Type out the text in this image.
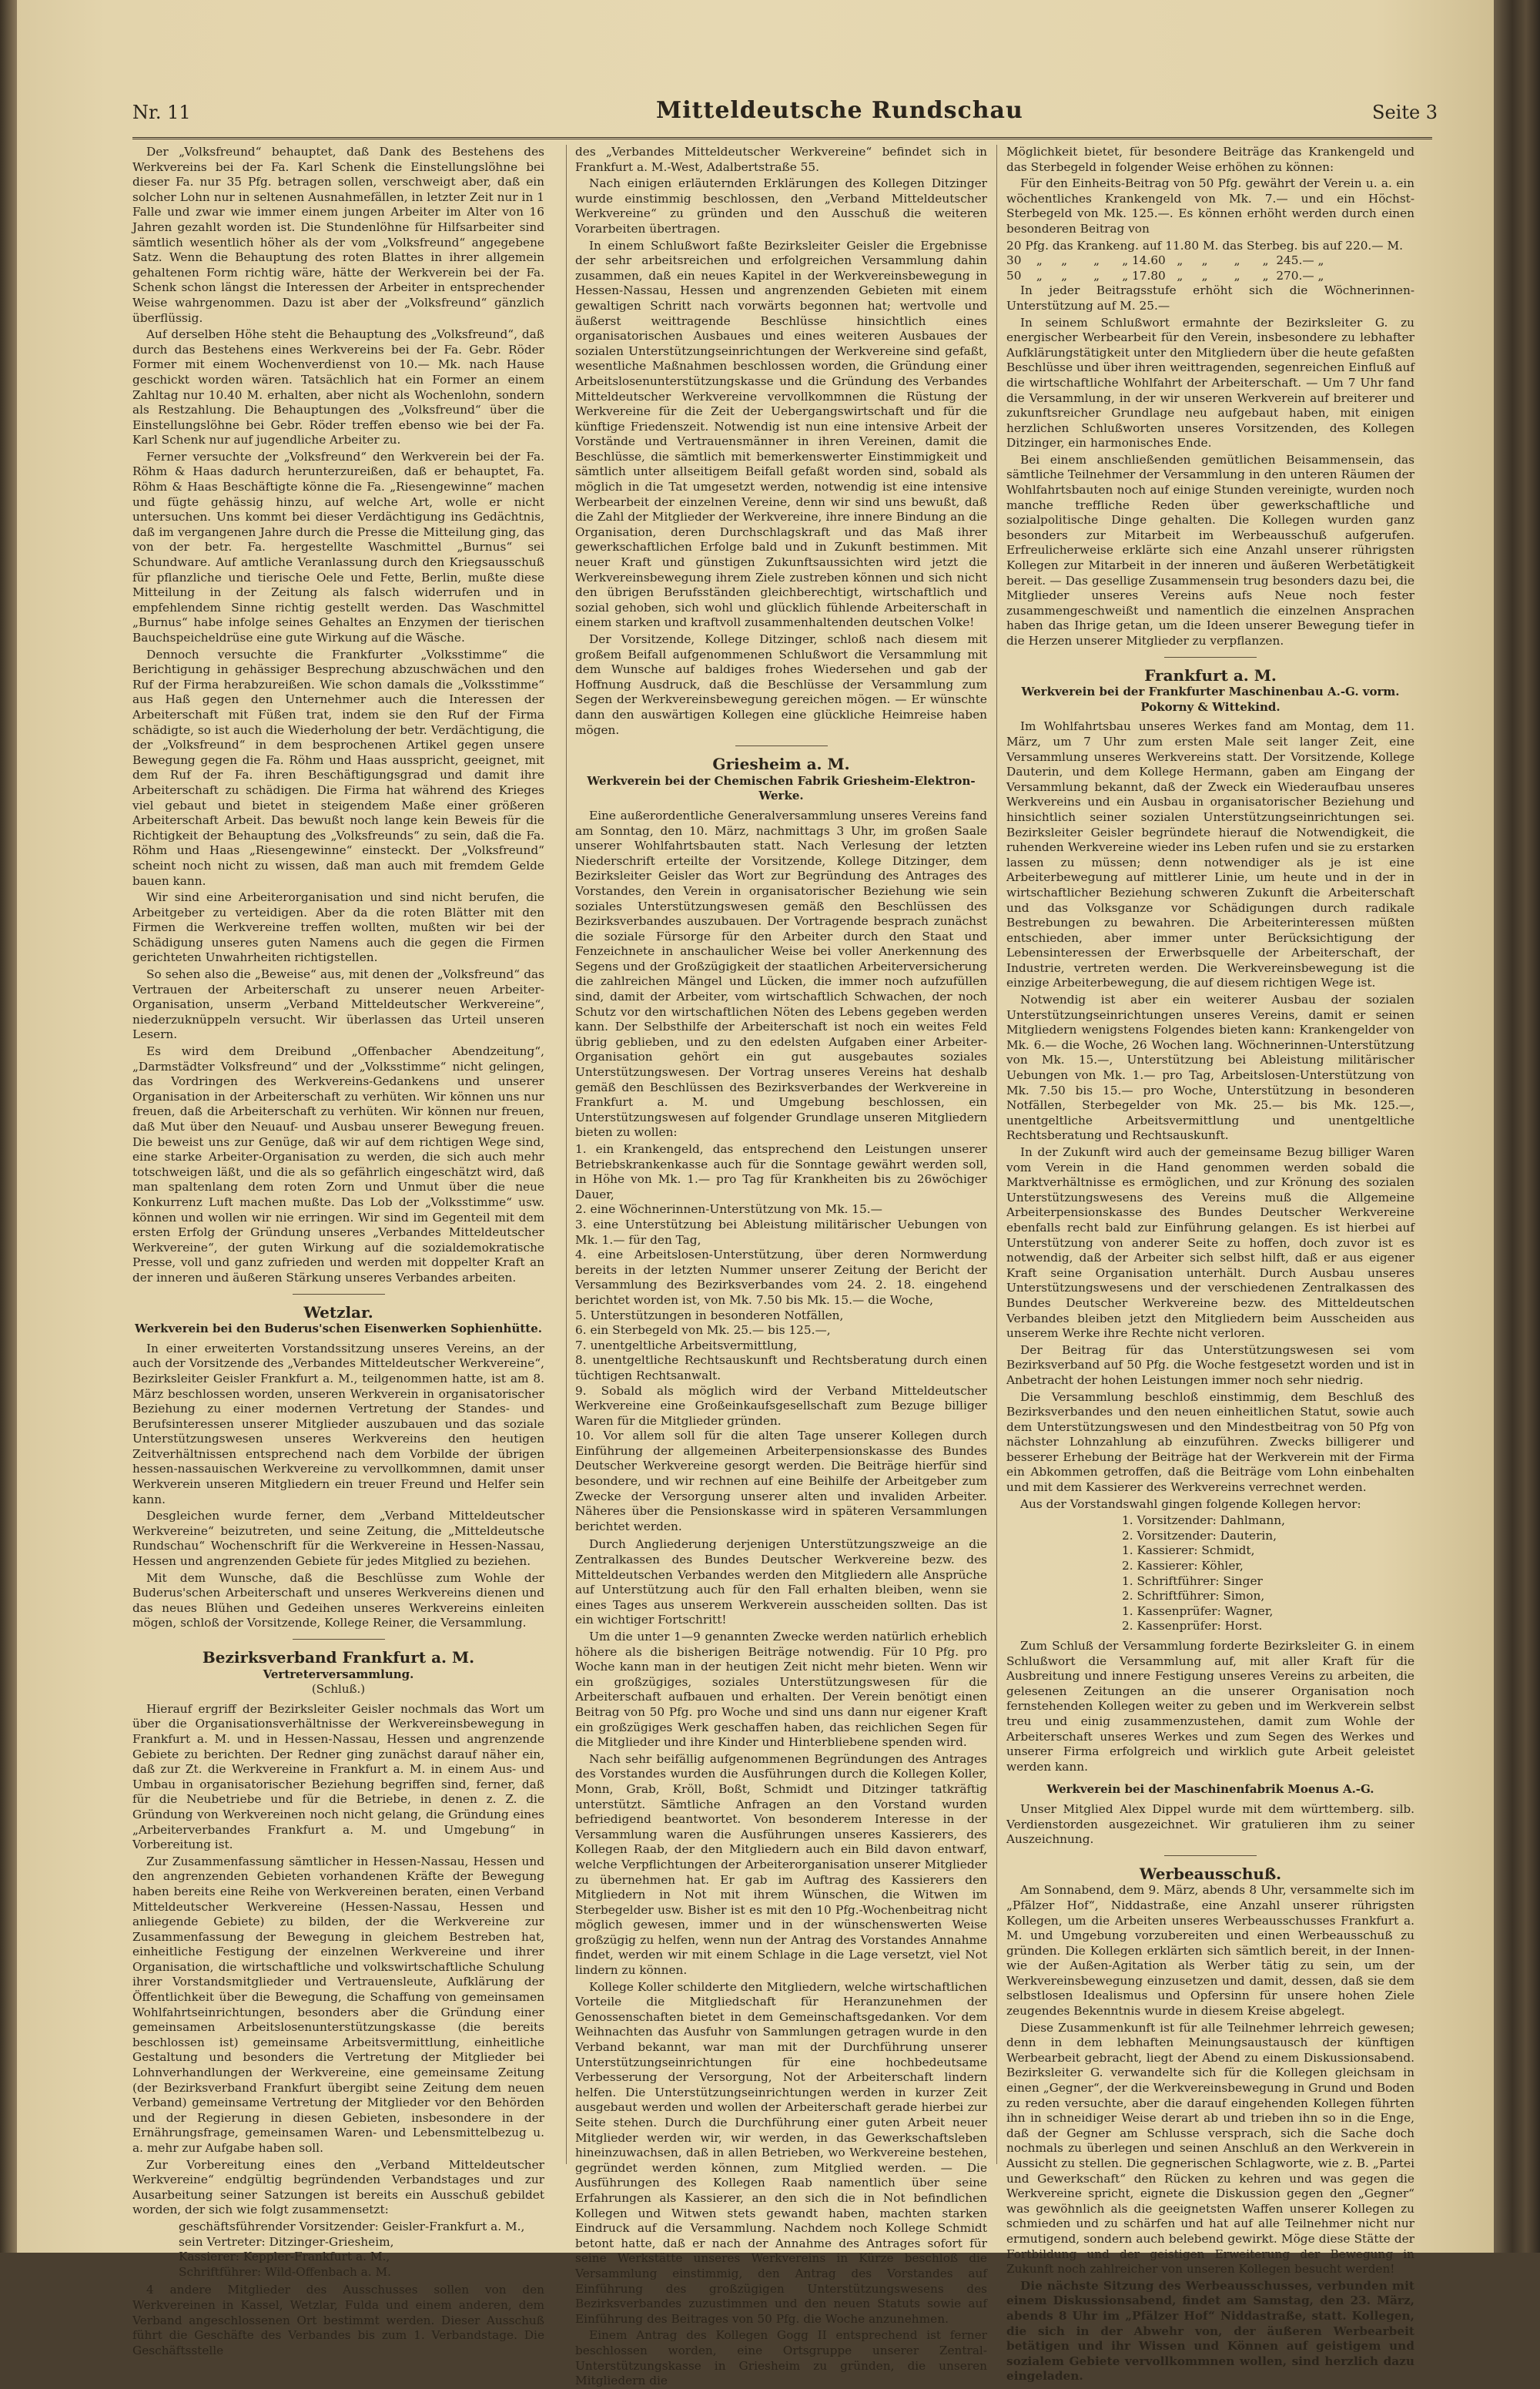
Nr. 11	Mitteldeutsche Rundschau	Seite 3

Der „Volksfreund“ behauptet, daß Dank des Bestehens des Werkvereins bei der Fa. Karl Schenk die Einstellungslöhne bei dieser Fa. nur 35 Pfg. betragen sollen, verschweigt aber, daß ein solcher Lohn nur in seltenen Ausnahmefällen, in letzter Zeit nur in 1 Falle und zwar wie immer einem jungen Arbeiter im Alter von 16 Jahren gezahlt worden ist. Die Stundenlöhne für Hilfsarbeiter sind sämtlich wesentlich höher als der vom „Volksfreund“ angegebene Satz. Wenn die Behauptung des roten Blattes in ihrer allgemein gehaltenen Form richtig wäre, hätte der Werkverein bei der Fa. Schenk schon längst die Interessen der Arbeiter in entsprechender Weise wahrgenommen. Dazu ist aber der „Volksfreund“ gänzlich überflüssig.

Auf derselben Höhe steht die Behauptung des „Volksfreund“, daß durch das Bestehens eines Werkvereins bei der Fa. Gebr. Röder Former mit einem Wochenverdienst von 10.— Mk. nach Hause geschickt worden wären. Tatsächlich hat ein Former an einem Zahltag nur 10.40 M. erhalten, aber nicht als Wochenlohn, sondern als Restzahlung. Die Behauptungen des „Volksfreund“ über die Einstellungslöhne bei Gebr. Röder treffen ebenso wie bei der Fa. Karl Schenk nur auf jugendliche Arbeiter zu.

Ferner versuchte der „Volksfreund“ den Werkverein bei der Fa. Röhm & Haas dadurch herunterzureißen, daß er behauptet, Fa. Röhm & Haas Beschäftigte könne die Fa. „Riesengewinne“ machen und fügte gehässig hinzu, auf welche Art, wolle er nicht untersuchen. Uns kommt bei dieser Verdächtigung ins Gedächtnis, daß im vergangenen Jahre durch die Presse die Mitteilung ging, das von der betr. Fa. hergestellte Waschmittel „Burnus“ sei Schundware. Auf amtliche Veranlassung durch den Kriegsausschuß für pflanzliche und tierische Oele und Fette, Berlin, mußte diese Mitteilung in der Zeitung als falsch widerrufen und in empfehlendem Sinne richtig gestellt werden. Das Waschmittel „Burnus“ habe infolge seines Gehaltes an Enzymen der tierischen Bauchspeicheldrüse eine gute Wirkung auf die Wäsche.

Dennoch versuchte die Frankfurter „Volksstimme“ die Berichtigung in gehässiger Besprechung abzuschwächen und den Ruf der Firma herabzureißen. Wie schon damals die „Volksstimme“ aus Haß gegen den Unternehmer auch die Interessen der Arbeiterschaft mit Füßen trat, indem sie den Ruf der Firma schädigte, so ist auch die Wiederholung der betr. Verdächtigung, die der „Volksfreund“ in dem besprochenen Artikel gegen unsere Bewegung gegen die Fa. Röhm und Haas ausspricht, geeignet, mit dem Ruf der Fa. ihren Beschäftigungsgrad und damit ihre Arbeiterschaft zu schädigen. Die Firma hat während des Krieges viel gebaut und bietet in steigendem Maße einer größeren Arbeiterschaft Arbeit. Das bewußt noch lange kein Beweis für die Richtigkeit der Behauptung des „Volksfreunds“ zu sein, daß die Fa. Röhm und Haas „Riesengewinne“ einsteckt. Der „Volksfreund“ scheint noch nicht zu wissen, daß man auch mit fremdem Gelde bauen kann.

Wir sind eine Arbeiterorganisation und sind nicht berufen, die Arbeitgeber zu verteidigen. Aber da die roten Blätter mit den Firmen die Werkvereine treffen wollten, mußten wir bei der Schädigung unseres guten Namens auch die gegen die Firmen gerichteten Unwahrheiten richtigstellen.

So sehen also die „Beweise“ aus, mit denen der „Volksfreund“ das Vertrauen der Arbeiterschaft zu unserer neuen Arbeiter-Organisation, unserm „Verband Mitteldeutscher Werkvereine“, niederzuknüppeln versucht. Wir überlassen das Urteil unseren Lesern.

Es wird dem Dreibund „Offenbacher Abendzeitung“, „Darmstädter Volksfreund“ und der „Volksstimme“ nicht gelingen, das Vordringen des Werkvereins-Gedankens und unserer Organisation in der Arbeiterschaft zu verhüten. Wir können uns nur freuen, daß die Arbeiterschaft zu verhüten. Wir können nur freuen, daß Mut über den Neuauf- und Ausbau unserer Bewegung freuen. Die beweist uns zur Genüge, daß wir auf dem richtigen Wege sind, eine starke Arbeiter-Organisation zu werden, die sich auch mehr totschweigen läßt, und die als so gefährlich eingeschätzt wird, daß man spaltenlang dem roten Zorn und Unmut über die neue Konkurrenz Luft machen mußte. Das Lob der „Volksstimme“ usw. können und wollen wir nie erringen. Wir sind im Gegenteil mit dem ersten Erfolg der Gründung unseres „Verbandes Mitteldeutscher Werkvereine“, der guten Wirkung auf die sozialdemokratische Presse, voll und ganz zufrieden und werden mit doppelter Kraft an der inneren und äußeren Stärkung unseres Verbandes arbeiten.

Wetzlar.
Werkverein bei den Buderus'schen Eisenwerken Sophienhütte.

In einer erweiterten Vorstandssitzung unseres Vereins, an der auch der Vorsitzende des „Verbandes Mitteldeutscher Werkvereine“, Bezirksleiter Geisler Frankfurt a. M., teilgenommen hatte, ist am 8. März beschlossen worden, unseren Werkverein in organisatorischer Beziehung zu einer modernen Vertretung der Standes- und Berufsinteressen unserer Mitglieder auszubauen und das soziale Unterstützungswesen unseres Werkvereins den heutigen Zeitverhältnissen entsprechend nach dem Vorbilde der übrigen hessen-nassauischen Werkvereine zu vervollkommnen, damit unser Werkverein unseren Mitgliedern ein treuer Freund und Helfer sein kann.

Desgleichen wurde ferner, dem „Verband Mitteldeutscher Werkvereine“ beizutreten, und seine Zeitung, die „Mitteldeutsche Rundschau“ Wochenschrift für die Werkvereine in Hessen-Nassau, Hessen und angrenzenden Gebiete für jedes Mitglied zu beziehen.

Mit dem Wunsche, daß die Beschlüsse zum Wohle der Buderus'schen Arbeiterschaft und unseres Werkvereins dienen und das neues Blühen und Gedeihen unseres Werkvereins einleiten mögen, schloß der Vorsitzende, Kollege Reiner, die Versammlung.

Bezirksverband Frankfurt a. M.
Vertreterversammlung.
(Schluß.)

Hierauf ergriff der Bezirksleiter Geisler nochmals das Wort um über die Organisationsverhältnisse der Werkvereinsbewegung in Frankfurt a. M. und in Hessen-Nassau, Hessen und angrenzende Gebiete zu berichten. Der Redner ging zunächst darauf näher ein, daß zur Zt. die Werkvereine in Frankfurt a. M. in einem Aus- und Umbau in organisatorischer Beziehung begriffen sind, ferner, daß für die Neubetriebe und für die Betriebe, in denen z. Z. die Gründung von Werkvereinen noch nicht gelang, die Gründung eines „Arbeiterverbandes Frankfurt a. M. und Umgebung“ in Vorbereitung ist.

Zur Zusammenfassung sämtlicher in Hessen-Nassau, Hessen und den angrenzenden Gebieten vorhandenen Kräfte der Bewegung haben bereits eine Reihe von Werkvereinen beraten, einen Verband Mitteldeutscher Werkvereine (Hessen-Nassau, Hessen und anliegende Gebiete) zu bilden, der die Werkvereine zur Zusammenfassung der Bewegung in gleichem Bestreben hat, einheitliche Festigung der einzelnen Werkvereine und ihrer Organisation, die wirtschaftliche und volkswirtschaftliche Schulung ihrer Vorstandsmitglieder und Vertrauensleute, Aufklärung der Öffentlichkeit über die Bewegung, die Schaffung von gemeinsamen Wohlfahrtseinrichtungen, besonders aber die Gründung einer gemeinsamen Arbeitslosenunterstützungskasse (die bereits beschlossen ist) gemeinsame Arbeitsvermittlung, einheitliche Gestaltung und besonders die Vertretung der Mitglieder bei Lohnverhandlungen der Werkvereine, eine gemeinsame Zeitung (der Bezirksverband Frankfurt übergibt seine Zeitung dem neuen Verband) gemeinsame Vertretung der Mitglieder vor den Behörden und der Regierung in diesen Gebieten, insbesondere in der Ernährungsfrage, gemeinsamen Waren- und Lebensmittelbezug u. a. mehr zur Aufgabe haben soll.

Zur Vorbereitung eines den „Verband Mitteldeutscher Werkvereine“ endgültig begründenden Verbandstages und zur Ausarbeitung seiner Satzungen ist bereits ein Ausschuß gebildet worden, der sich wie folgt zusammensetzt:

geschäftsführender Vorsitzender: Geisler-Frankfurt a. M.,
sein Vertreter: Ditzinger-Griesheim,
Kassierer: Keppler-Frankfurt a. M.,
Schriftführer: Wild-Offenbach a. M.

4 andere Mitglieder des Ausschusses sollen von den Werkvereinen in Kassel, Wetzlar, Fulda und einem anderen, dem Verband angeschlossenen Ort bestimmt werden. Dieser Ausschuß führt die Geschäfte des Verbandes bis zum 1. Verbandstage. Die Geschäftsstelle

des „Verbandes Mitteldeutscher Werkvereine“ befindet sich in Frankfurt a. M.-West, Adalbertstraße 55.

Nach einigen erläuternden Erklärungen des Kollegen Ditzinger wurde einstimmig beschlossen, den „Verband Mitteldeutscher Werkvereine“ zu gründen und den Ausschuß die weiteren Vorarbeiten übertragen.

In einem Schlußwort faßte Bezirksleiter Geisler die Ergebnisse der sehr arbeitsreichen und erfolgreichen Versammlung dahin zusammen, daß ein neues Kapitel in der Werkvereinsbewegung in Hessen-Nassau, Hessen und angrenzenden Gebieten mit einem gewaltigen Schritt nach vorwärts begonnen hat; wertvolle und äußerst weittragende Beschlüsse hinsichtlich eines organisatorischen Ausbaues und eines weiteren Ausbaues der sozialen Unterstützungseinrichtungen der Werkvereine sind gefaßt, wesentliche Maßnahmen beschlossen worden, die Gründung einer Arbeitslosenunterstützungskasse und die Gründung des Verbandes Mitteldeutscher Werkvereine vervollkommnen die Rüstung der Werkvereine für die Zeit der Uebergangswirtschaft und für die künftige Friedenszeit. Notwendig ist nun eine intensive Arbeit der Vorstände und Vertrauensmänner in ihren Vereinen, damit die Beschlüsse, die sämtlich mit bemerkenswerter Einstimmigkeit und sämtlich unter allseitigem Beifall gefaßt worden sind, sobald als möglich in die Tat umgesetzt werden, notwendig ist eine intensive Werbearbeit der einzelnen Vereine, denn wir sind uns bewußt, daß die Zahl der Mitglieder der Werkvereine, ihre innere Bindung an die Organisation, deren Durchschlagskraft und das Maß ihrer gewerkschaftlichen Erfolge bald und in Zukunft bestimmen. Mit neuer Kraft und günstigen Zukunftsaussichten wird jetzt die Werkvereinsbewegung ihrem Ziele zustreben können und sich nicht den übrigen Berufsständen gleichberechtigt, wirtschaftlich und sozial gehoben, sich wohl und glücklich fühlende Arbeiterschaft in einem starken und kraftvoll zusammenhaltenden deutschen Volke!

Der Vorsitzende, Kollege Ditzinger, schloß nach diesem mit großem Beifall aufgenommenen Schlußwort die Versammlung mit dem Wunsche auf baldiges frohes Wiedersehen und gab der Hoffnung Ausdruck, daß die Beschlüsse der Versammlung zum Segen der Werkvereinsbewegung gereichen mögen. — Er wünschte dann den auswärtigen Kollegen eine glückliche Heimreise haben mögen.

Griesheim a. M.
Werkverein bei der Chemischen Fabrik Griesheim-Elektron-Werke.

Eine außerordentliche Generalversammlung unseres Vereins fand am Sonntag, den 10. März, nachmittags 3 Uhr, im großen Saale unserer Wohlfahrtsbauten statt. Nach Verlesung der letzten Niederschrift erteilte der Vorsitzende, Kollege Ditzinger, dem Bezirksleiter Geisler das Wort zur Begründung des Antrages des Vorstandes, den Verein in organisatorischer Beziehung wie sein soziales Unterstützungswesen gemäß den Beschlüssen des Bezirksverbandes auszubauen. Der Vortragende besprach zunächst die soziale Fürsorge für den Arbeiter durch den Staat und Fenzeichnete in anschaulicher Weise bei voller Anerkennung des Segens und der Großzügigkeit der staatlichen Arbeiterversicherung die zahlreichen Mängel und Lücken, die immer noch aufzufüllen sind, damit der Arbeiter, vom wirtschaftlich Schwachen, der noch Schutz vor den wirtschaftlichen Nöten des Lebens gegeben werden kann. Der Selbsthilfe der Arbeiterschaft ist noch ein weites Feld übrig geblieben, und zu den edelsten Aufgaben einer Arbeiter-Organisation gehört ein gut ausgebautes soziales Unterstützungswesen. Der Vortrag unseres Vereins hat deshalb gemäß den Beschlüssen des Bezirksverbandes der Werkvereine in Frankfurt a. M. und Umgebung beschlossen, ein Unterstützungswesen auf folgender Grundlage unseren Mitgliedern bieten zu wollen:

1. ein Krankengeld, das entsprechend den Leistungen unserer Betriebskrankenkasse auch für die Sonntage gewährt werden soll, in Höhe von Mk. 1.— pro Tag für Krankheiten bis zu 26wöchiger Dauer,
2. eine Wöchnerinnen-Unterstützung von Mk. 15.—
3. eine Unterstützung bei Ableistung militärischer Uebungen von Mk. 1.— für den Tag,
4. eine Arbeitslosen-Unterstützung, über deren Normwerdung bereits in der letzten Nummer unserer Zeitung der Bericht der Versammlung des Bezirksverbandes vom 24. 2. 18. eingehend berichtet worden ist, von Mk. 7.50 bis Mk. 15.— die Woche,
5. Unterstützungen in besonderen Notfällen,
6. ein Sterbegeld von Mk. 25.— bis 125.—,
7. unentgeltliche Arbeitsvermittlung,
8. unentgeltliche Rechtsauskunft und Rechtsberatung durch einen tüchtigen Rechtsanwalt.
9. Sobald als möglich wird der Verband Mitteldeutscher Werkvereine eine Großeinkaufsgesellschaft zum Bezuge billiger Waren für die Mitglieder gründen.
10. Vor allem soll für die alten Tage unserer Kollegen durch Einführung der allgemeinen Arbeiterpensionskasse des Bundes Deutscher Werkvereine gesorgt werden. Die Beiträge hierfür sind besondere, und wir rechnen auf eine Beihilfe der Arbeitgeber zum Zwecke der Versorgung unserer alten und invaliden Arbeiter. Näheres über die Pensionskasse wird in späteren Versammlungen berichtet werden.

Durch Angliederung derjenigen Unterstützungszweige an die Zentralkassen des Bundes Deutscher Werkvereine bezw. des Mitteldeutschen Verbandes werden den Mitgliedern alle Ansprüche auf Unterstützung auch für den Fall erhalten bleiben, wenn sie eines Tages aus unserem Werkverein ausscheiden sollten. Das ist ein wichtiger Fortschritt!

Um die unter 1—9 genannten Zwecke werden natürlich erheblich höhere als die bisherigen Beiträge notwendig. Für 10 Pfg. pro Woche kann man in der heutigen Zeit nicht mehr bieten. Wenn wir ein großzügiges, soziales Unterstützungswesen für die Arbeiterschaft aufbauen und erhalten. Der Verein benötigt einen Beitrag von 50 Pfg. pro Woche und sind uns dann nur eigener Kraft ein großzügiges Werk geschaffen haben, das reichlichen Segen für die Mitglieder und ihre Kinder und Hinterbliebene spenden wird.

Nach sehr beifällig aufgenommenen Begründungen des Antrages des Vorstandes wurden die Ausführungen durch die Kollegen Koller, Monn, Grab, Kröll, Boßt, Schmidt und Ditzinger tatkräftig unterstützt. Sämtliche Anfragen an den Vorstand wurden befriedigend beantwortet. Von besonderem Interesse in der Versammlung waren die Ausführungen unseres Kassierers, des Kollegen Raab, der den Mitgliedern auch ein Bild davon entwarf, welche Verpflichtungen der Arbeiterorganisation unserer Mitglieder zu übernehmen hat. Er gab im Auftrag des Kassierers den Mitgliedern in Not mit ihrem Wünschen, die Witwen im Sterbegelder usw. Bisher ist es mit den 10 Pfg.-Wochenbeitrag nicht möglich gewesen, immer und in der wünschenswerten Weise großzügig zu helfen, wenn nun der Antrag des Vorstandes Annahme findet, werden wir mit einem Schlage in die Lage versetzt, viel Not lindern zu können.

Kollege Koller schilderte den Mitgliedern, welche wirtschaftlichen Vorteile die Mitgliedschaft für Heranzunehmen der Genossenschaften bietet in dem Gemeinschaftsgedanken. Vor dem Weihnachten das Ausfuhr von Sammlungen getragen wurde in den Verband bekannt, war man mit der Durchführung unserer Unterstützungseinrichtungen für eine hochbedeutsame Verbesserung der Versorgung, Not der Arbeiterschaft lindern helfen. Die Unterstützungseinrichtungen werden in kurzer Zeit ausgebaut werden und wollen der Arbeiterschaft gerade hierbei zur Seite stehen. Durch die Durchführung einer guten Arbeit neuer Mitglieder werden wir, wir werden, in das Gewerkschaftsleben hineinzuwachsen, daß in allen Betrieben, wo Werkvereine bestehen, gegründet werden können, zum Mitglied werden. — Die Ausführungen des Kollegen Raab namentlich über seine Erfahrungen als Kassierer, an den sich die in Not befindlichen Kollegen und Witwen stets gewandt haben, machten starken Eindruck auf die Versammlung. Nachdem noch Kollege Schmidt betont hatte, daß er nach der Annahme des Antrages sofort für seine Werkstätte unseres Werkvereins in Kürze beschloß die Versammlung einstimmig, den Antrag des Vorstandes auf Einführung des großzügigen Unterstützungswesens des Bezirksverbandes zuzustimmen und den neuen Statuts sowie auf Einführung des Beitrages von 50 Pfg. die Woche anzunehmen.

Einem Antrag des Kollegen Gogg II entsprechend ist ferner beschlossen worden, eine Ortsgruppe unserer Zentral-Unterstützungskasse in Griesheim zu gründen, die unseren Mitgliedern die

Möglichkeit bietet, für besondere Beiträge das Krankengeld und das Sterbegeld in folgender Weise erhöhen zu können:

Für den Einheits-Beitrag von 50 Pfg. gewährt der Verein u. a. ein wöchentliches Krankengeld von Mk. 7.— und ein Höchst-Sterbegeld von Mk. 125.—. Es können erhöht werden durch einen besonderen Beitrag von

20 Pfg. das Krankeng. auf 11.80 M. das Sterbeg. bis auf 220.— M.
30    „     „       „      „ 14.60   „     „       „      „  245.— „
50    „     „       „      „ 17.80   „     „       „      „  270.— „

In jeder Beitragsstufe erhöht sich die Wöchnerinnen-Unterstützung auf M. 25.—

In seinem Schlußwort ermahnte der Bezirksleiter G. zu energischer Werbearbeit für den Verein, insbesondere zu lebhafter Aufklärungstätigkeit unter den Mitgliedern über die heute gefaßten Beschlüsse und über ihren weittragenden, segenreichen Einfluß auf die wirtschaftliche Wohlfahrt der Arbeiterschaft. — Um 7 Uhr fand die Versammlung, in der wir unseren Werkverein auf breiterer und zukunftsreicher Grundlage neu aufgebaut haben, mit einigen herzlichen Schlußworten unseres Vorsitzenden, des Kollegen Ditzinger, ein harmonisches Ende.

Bei einem anschließenden gemütlichen Beisammensein, das sämtliche Teilnehmer der Versammlung in den unteren Räumen der Wohlfahrtsbauten noch auf einige Stunden vereinigte, wurden noch manche treffliche Reden über gewerkschaftliche und sozialpolitische Dinge gehalten. Die Kollegen wurden ganz besonders zur Mitarbeit im Werbeausschuß aufgerufen. Erfreulicherweise erklärte sich eine Anzahl unserer rührigsten Kollegen zur Mitarbeit in der inneren und äußeren Werbetätigkeit bereit. — Das gesellige Zusammensein trug besonders dazu bei, die Mitglieder unseres Vereins aufs Neue noch fester zusammengeschweißt und namentlich die einzelnen Ansprachen haben das Ihrige getan, um die Ideen unserer Bewegung tiefer in die Herzen unserer Mitglieder zu verpflanzen.

Frankfurt a. M.
Werkverein bei der Frankfurter Maschinenbau A.-G. vorm. Pokorny & Wittekind.

Im Wohlfahrtsbau unseres Werkes fand am Montag, dem 11. März, um 7 Uhr zum ersten Male seit langer Zeit, eine Versammlung unseres Werkvereins statt. Der Vorsitzende, Kollege Dauterin, und dem Kollege Hermann, gaben am Eingang der Versammlung bekannt, daß der Zweck ein Wiederaufbau unseres Werkvereins und ein Ausbau in organisatorischer Beziehung und hinsichtlich seiner sozialen Unterstützungseinrichtungen sei. Bezirksleiter Geisler begründete hierauf die Notwendigkeit, die ruhenden Werkvereine wieder ins Leben rufen und sie zu erstarken lassen zu müssen; denn notwendiger als je ist eine Arbeiterbewegung auf mittlerer Linie, um heute und in der in wirtschaftlicher Beziehung schweren Zukunft die Arbeiterschaft und das Volksganze vor Schädigungen durch radikale Bestrebungen zu bewahren. Die Arbeiterinteressen müßten entschieden, aber immer unter Berücksichtigung der Lebensinteressen der Erwerbsquelle der Arbeiterschaft, der Industrie, vertreten werden. Die Werkvereinsbewegung ist die einzige Arbeiterbewegung, die auf diesem richtigen Wege ist.

Notwendig ist aber ein weiterer Ausbau der sozialen Unterstützungseinrichtungen unseres Vereins, damit er seinen Mitgliedern wenigstens Folgendes bieten kann: Krankengelder von Mk. 6.— die Woche, 26 Wochen lang. Wöchnerinnen-Unterstützung von Mk. 15.—, Unterstützung bei Ableistung militärischer Uebungen von Mk. 1.— pro Tag, Arbeitslosen-Unterstützung von Mk. 7.50 bis 15.— pro Woche, Unterstützung in besonderen Notfällen, Sterbegelder von Mk. 25.— bis Mk. 125.—, unentgeltliche Arbeitsvermittlung und unentgeltliche Rechtsberatung und Rechtsauskunft.

In der Zukunft wird auch der gemeinsame Bezug billiger Waren vom Verein in die Hand genommen werden sobald die Marktverhältnisse es ermöglichen, und zur Krönung des sozialen Unterstützungswesens des Vereins muß die Allgemeine Arbeiterpensionskasse des Bundes Deutscher Werkvereine ebenfalls recht bald zur Einführung gelangen. Es ist hierbei auf Unterstützung von anderer Seite zu hoffen, doch zuvor ist es notwendig, daß der Arbeiter sich selbst hilft, daß er aus eigener Kraft seine Organisation unterhält. Durch Ausbau unseres Unterstützungswesens und der verschiedenen Zentralkassen des Bundes Deutscher Werkvereine bezw. des Mitteldeutschen Verbandes bleiben jetzt den Mitgliedern beim Ausscheiden aus unserem Werke ihre Rechte nicht verloren.

Der Beitrag für das Unterstützungswesen sei vom Bezirksverband auf 50 Pfg. die Woche festgesetzt worden und ist in Anbetracht der hohen Leistungen immer noch sehr niedrig.

Die Versammlung beschloß einstimmig, dem Beschluß des Bezirksverbandes und den neuen einheitlichen Statut, sowie auch dem Unterstützungswesen und den Mindestbeitrag von 50 Pfg von nächster Lohnzahlung ab einzuführen. Zwecks billigerer und besserer Erhebung der Beiträge hat der Werkverein mit der Firma ein Abkommen getroffen, daß die Beiträge vom Lohn einbehalten und mit dem Kassierer des Werkvereins verrechnet werden.

Aus der Vorstandswahl gingen folgende Kollegen hervor:

1. Vorsitzender: Dahlmann,
2. Vorsitzender: Dauterin,
1. Kassierer: Schmidt,
2. Kassierer: Köhler,
1. Schriftführer: Singer
2. Schriftführer: Simon,
1. Kassenprüfer: Wagner,
2. Kassenprüfer: Horst.

Zum Schluß der Versammlung forderte Bezirksleiter G. in einem Schlußwort die Versammlung auf, mit aller Kraft für die Ausbreitung und innere Festigung unseres Vereins zu arbeiten, die gelesenen Zeitungen an die unserer Organisation noch fernstehenden Kollegen weiter zu geben und im Werkverein selbst treu und einig zusammenzustehen, damit zum Wohle der Arbeiterschaft unseres Werkes und zum Segen des Werkes und unserer Firma erfolgreich und wirklich gute Arbeit geleistet werden kann.

Werkverein bei der Maschinenfabrik Moenus A.-G.

Unser Mitglied Alex Dippel wurde mit dem württemberg. silb. Verdienstorden ausgezeichnet. Wir gratulieren ihm zu seiner Auszeichnung.

Werbeausschuß.

Am Sonnabend, dem 9. März, abends 8 Uhr, versammelte sich im „Pfälzer Hof“, Niddastraße, eine Anzahl unserer rührigsten Kollegen, um die Arbeiten unseres Werbeausschusses Frankfurt a. M. und Umgebung vorzubereiten und einen Werbeausschuß zu gründen. Die Kollegen erklärten sich sämtlich bereit, in der Innen- wie der Außen-Agitation als Werber tätig zu sein, um der Werkvereinsbewegung einzusetzen und damit, dessen, daß sie dem selbstlosen Idealismus und Opfersinn für unsere hohen Ziele zeugendes Bekenntnis wurde in diesem Kreise abgelegt.

Diese Zusammenkunft ist für alle Teilnehmer lehrreich gewesen; denn in dem lebhaften Meinungsaustausch der künftigen Werbearbeit gebracht, liegt der Abend zu einem Diskussionsabend. Bezirksleiter G. verwandelte sich für die Kollegen gleichsam in einen „Gegner“, der die Werkvereinsbewegung in Grund und Boden zu reden versuchte, aber die darauf eingehenden Kollegen führten ihn in schneidiger Weise derart ab und trieben ihn so in die Enge, daß der Gegner am Schlusse versprach, sich die Sache doch nochmals zu überlegen und seinen Anschluß an den Werkverein in Aussicht zu stellen. Die gegnerischen Schlagworte, wie z. B. „Partei und Gewerkschaft“ den Rücken zu kehren und was gegen die Werkvereine spricht, eignete die Diskussion gegen den „Gegner“ was gewöhnlich als die geeignetsten Waffen unserer Kollegen zu schmieden und zu schärfen und hat auf alle Teilnehmer nicht nur ermutigend, sondern auch belebend gewirkt. Möge diese Stätte der Fortbildung und der geistigen Erweiterung der Bewegung in Zukunft noch zahlreicher von unseren Kollegen besucht werden!

Die nächste Sitzung des Werbeausschusses, verbunden mit einem Diskussionsabend, findet am Samstag, den 23. März, abends 8 Uhr im „Pfälzer Hof“ Niddastraße, statt. Kollegen, die sich in der Abwehr von, der äußeren Werbearbeit betätigen und ihr Wissen und Können auf geistigem und sozialem Gebiete vervollkommnen wollen, sind herzlich dazu eingeladen.
